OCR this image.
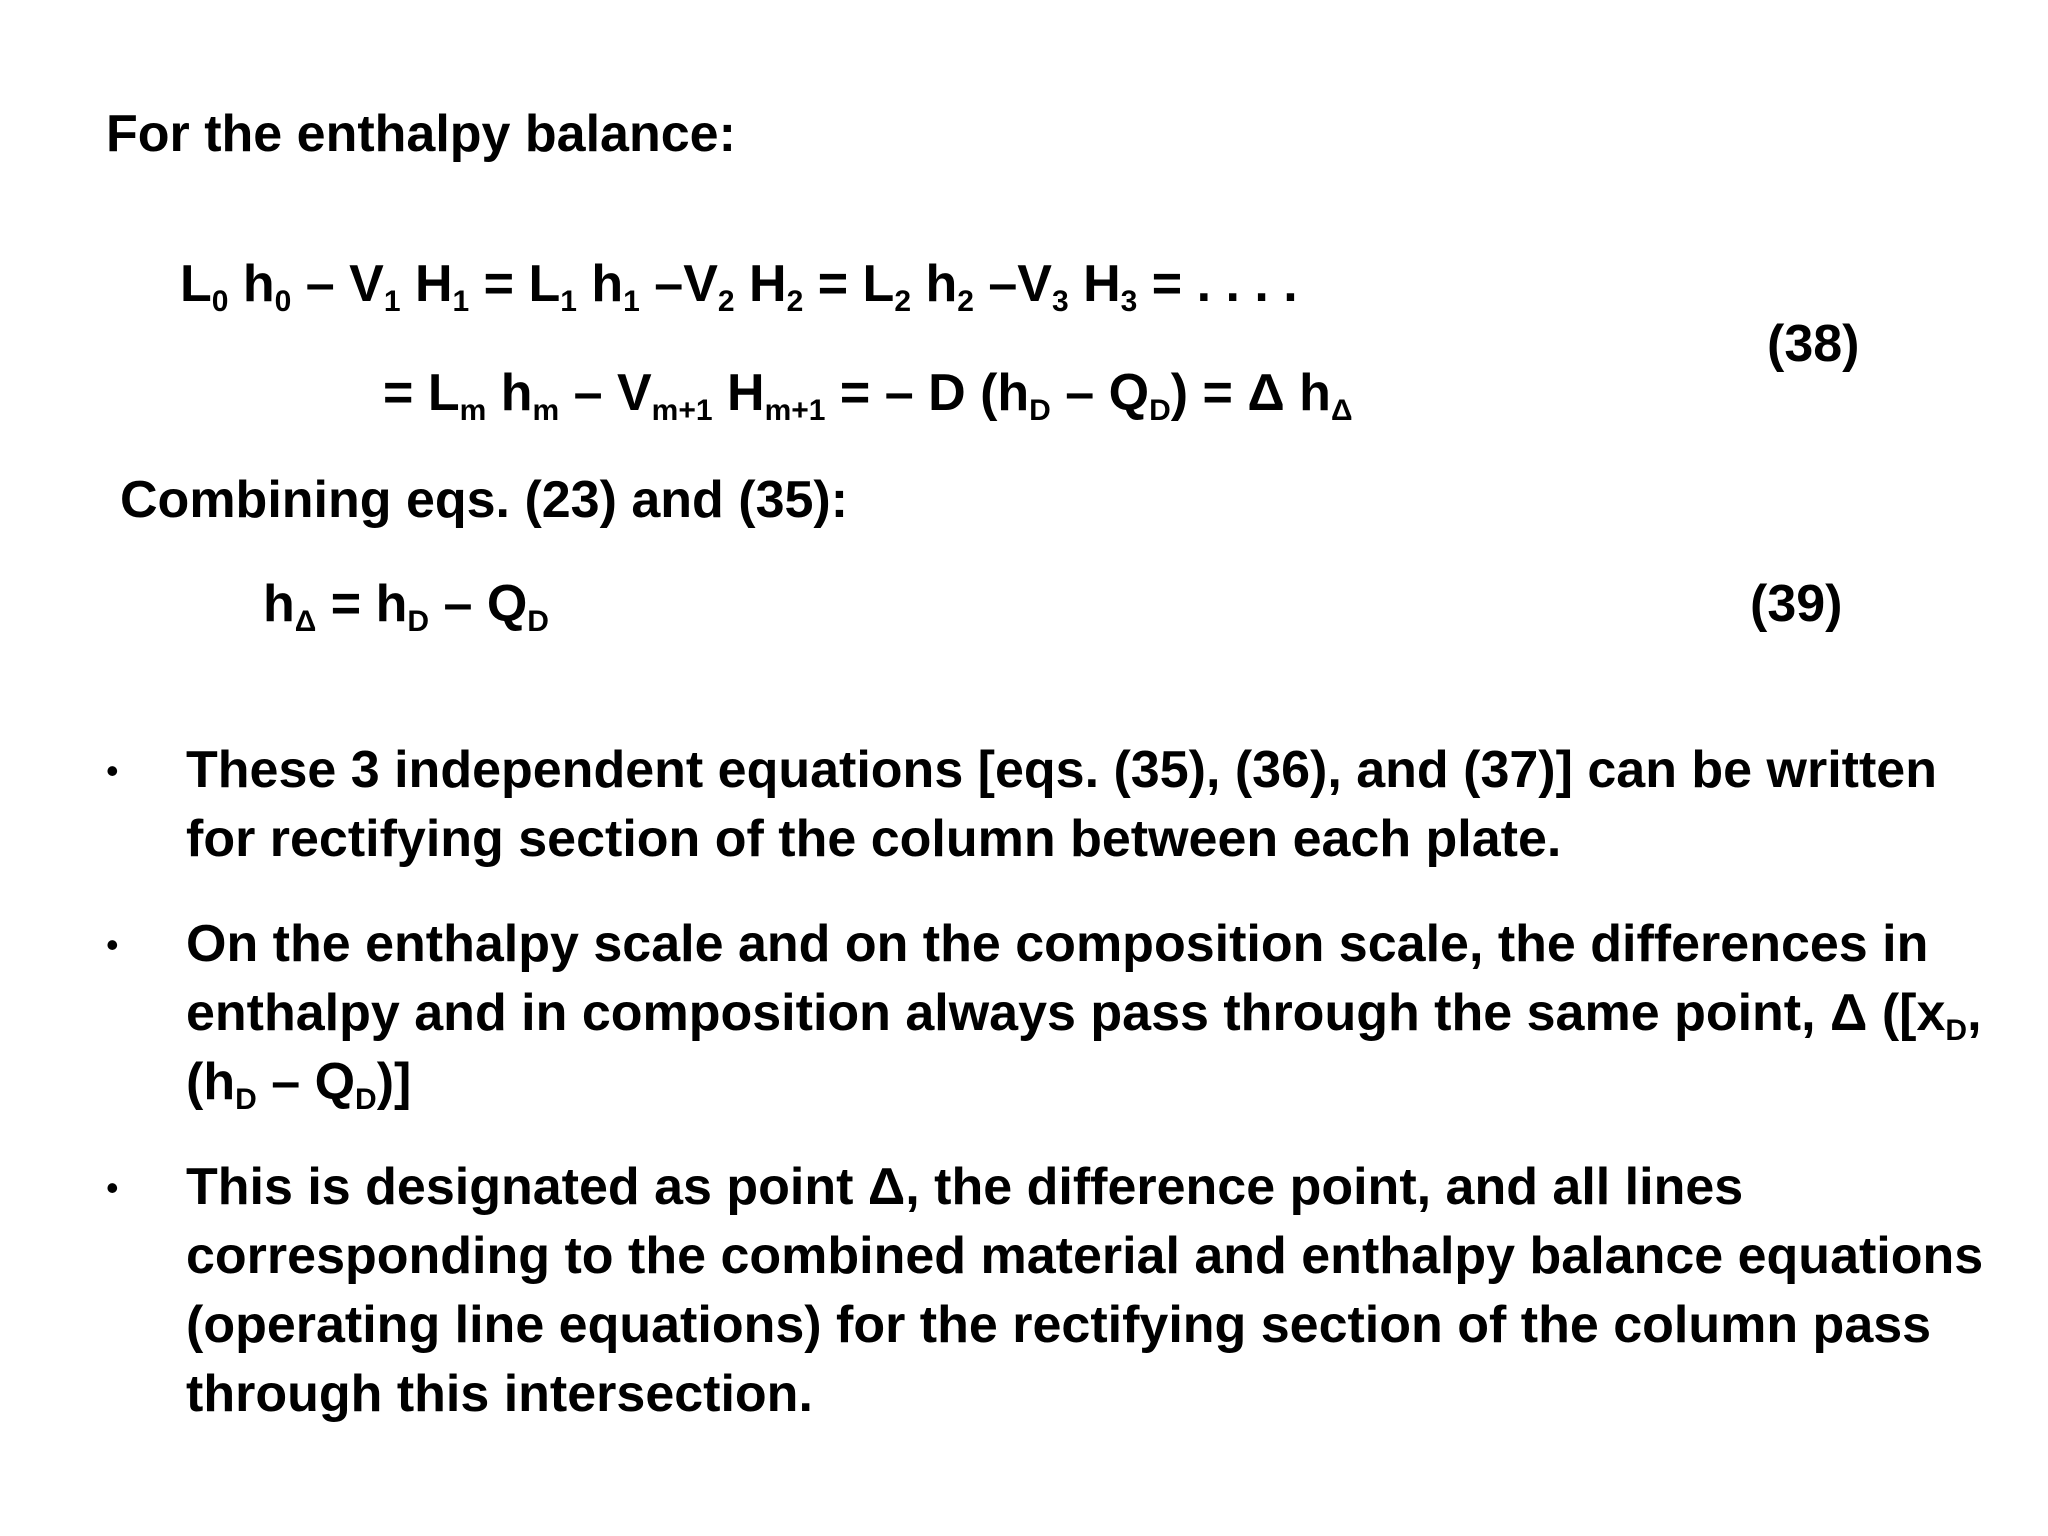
For the enthalpy balance:
$L_0$ $h_0 - V_1$ $H_1 = L_1$ $h_1$ $-V_2$ $H_2 = L_2$ $h_2$ $-V_3$ $H_3$ = . . . .
= $L_m$ $h_m - V_{m+1}$ $H_{m+1}$ = – D $(h_D - Q_D) = \Delta$ $h_\Delta$
(38)
Combining eqs. (23) and (35):
$h_\Delta = h_D - Q_D$	(39)
• These 3 independent equations [eqs. (35), (36), and (37)] can be written for rectifying section of the column between each plate.
• On the enthalpy scale and on the composition scale, the differences in enthalpy and in composition always pass through the same point, Δ ([$x_D$, $(h_D - Q_D)$]
• This is designated as point Δ, the difference point, and all lines corresponding to the combined material and enthalpy balance equations (operating line equations) for the rectifying section of the column pass through this intersection.
